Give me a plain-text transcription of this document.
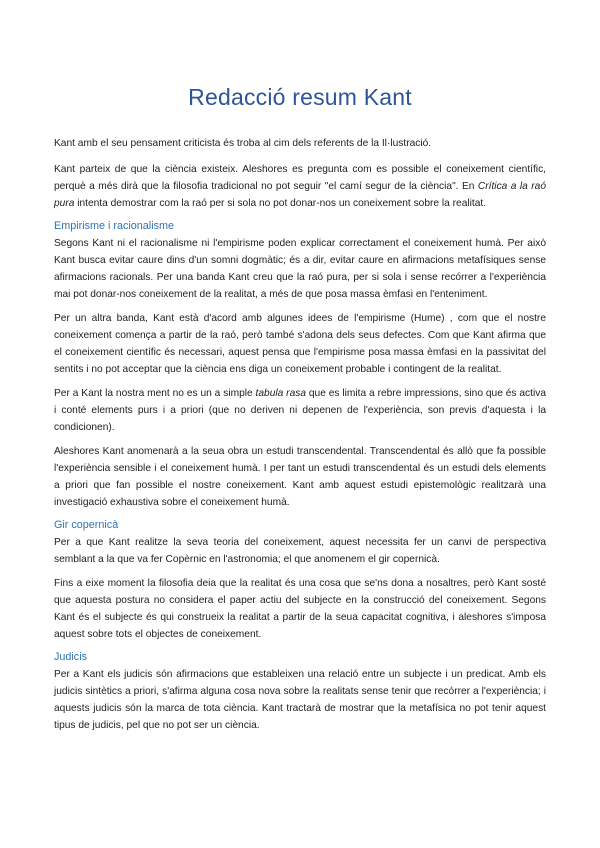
Redacció resum Kant

Kant amb el seu pensament criticista és troba al cim dels referents de la Il·lustració.

Kant parteix de que la ciència existeix. Aleshores es pregunta com es possible el coneixement científic, perquè a més dirà que la filosofia tradicional no pot seguir "el camí segur de la ciència". En Crítica a la raó pura intenta demostrar com la raó per si sola no pot donar-nos un coneixement sobre la realitat.

Empirisme i racionalisme

Segons Kant ni el racionalisme ni l'empirisme poden explicar correctament el coneixement humà. Per això Kant busca evitar caure dins d'un somni dogmàtic; és a dir, evitar caure en afirmacions metafísiques sense afirmacions racionals. Per una banda Kant creu que la raó pura, per si sola i sense recórrer a l'experiència mai pot donar-nos coneixement de la realitat, a més de que posa massa èmfasi en l'enteniment.

Per un altra banda, Kant està d'acord amb algunes idees de l'empirisme (Hume) , com que el nostre coneixement comença a partir de la raó, però també s'adona dels seus defectes. Com que Kant afirma que el coneixement científic és necessari, aquest pensa que l'empirisme posa massa èmfasi en la passivitat del sentits i no pot acceptar que la ciència ens diga un coneixement probable i contingent de la realitat.

Per a Kant la nostra ment no es un a simple tabula rasa que es limita a rebre impressions, sino que és activa i conté elements purs i a priori (que no deriven ni depenen de l'experiència, son previs d'aquesta i la condicionen).

Aleshores Kant anomenarà a la seua obra un estudi transcendental. Transcendental és allò que fa possible l'experiència sensible i el coneixement humà. I per tant un estudi transcendental és un estudi dels elements a priori que fan possible el nostre coneixement. Kant amb aquest estudi epistemològic realitzarà una investigació exhaustiva sobre el coneixement humà.

Gir copernicà

Per a que Kant realitze la seva teoria del coneixement, aquest necessita fer un canvi de perspectiva semblant a la que va fer Copèrnic en l'astronomia; el que anomenem el gir copernicà.

Fins a eixe moment la filosofia deia que la realitat és una cosa que se'ns dona a nosaltres, però Kant sosté que aquesta postura no considera el paper actiu del subjecte en la construcció del coneixement. Segons Kant és el subjecte és qui construeix la realitat a partir de la seua capacitat cognitiva, i aleshores s'imposa aquest sobre tots el objectes de coneixement.

Judicis

Per a Kant els judicis són afirmacions que estableixen una relació entre un subjecte i un predicat. Amb els judicis sintètics a priori, s'afirma alguna cosa nova sobre la realitats sense tenir que recórrer a l'experiència; i aquests judicis són la marca de tota ciència. Kant tractarà de mostrar que la metafísica no pot tenir aquest tipus de judicis, pel que no pot ser un ciència.
